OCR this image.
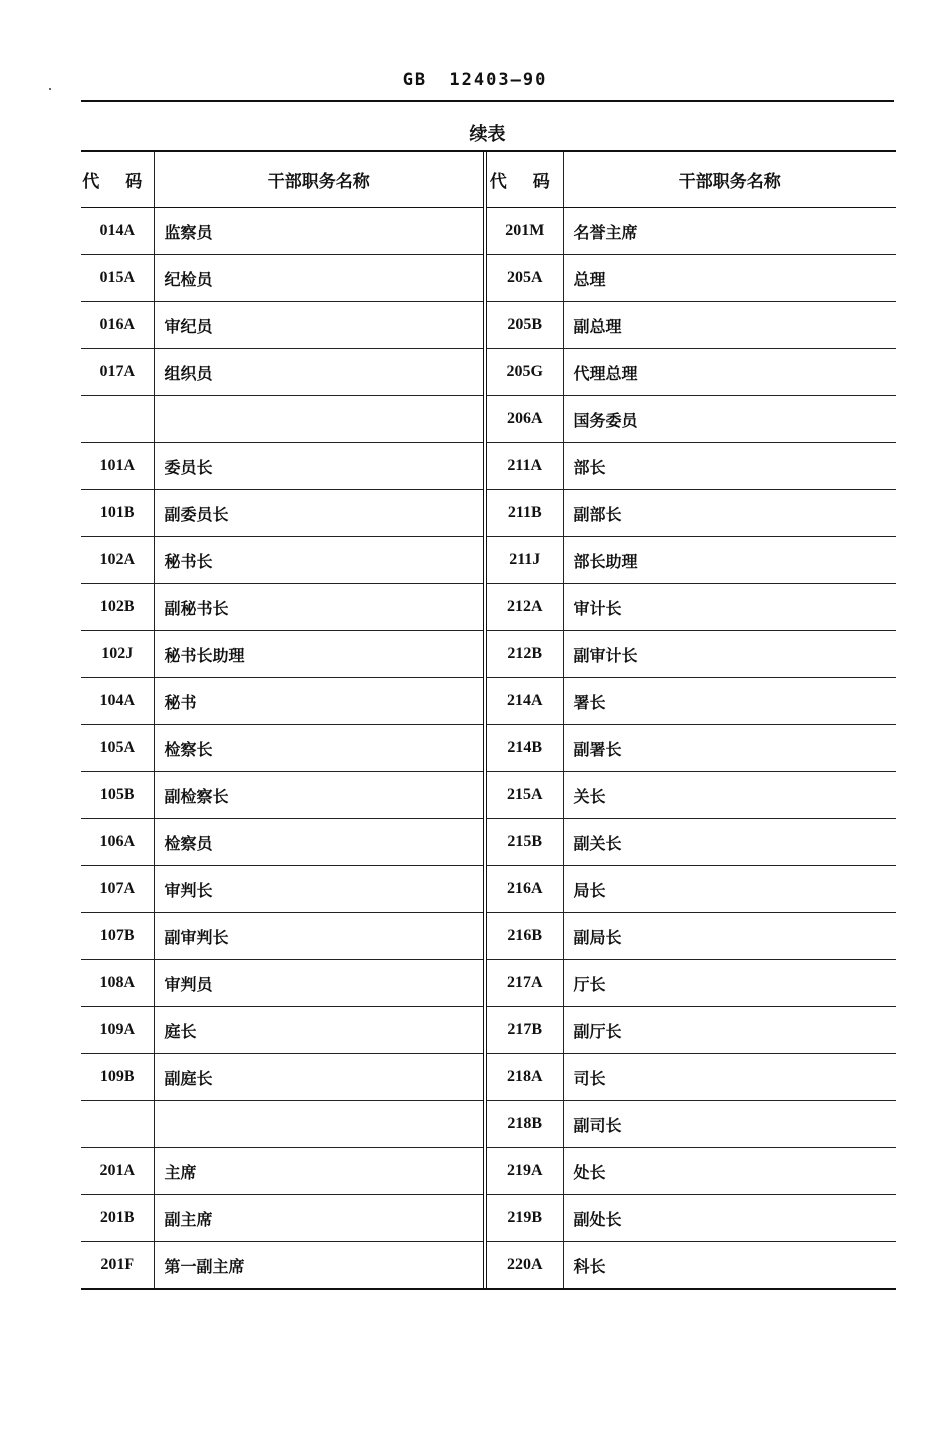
GB 12403—90
续表
代 码	干部职务名称	代 码	干部职务名称
014A	监察员	201M	名誉主席
015A	纪检员	205A	总理
016A	审纪员	205B	副总理
017A	组织员	205G	代理总理
		206A	国务委员
101A	委员长	211A	部长
101B	副委员长	211B	副部长
102A	秘书长	211J	部长助理
102B	副秘书长	212A	审计长
102J	秘书长助理	212B	副审计长
104A	秘书	214A	署长
105A	检察长	214B	副署长
105B	副检察长	215A	关长
106A	检察员	215B	副关长
107A	审判长	216A	局长
107B	副审判长	216B	副局长
108A	审判员	217A	厅长
109A	庭长	217B	副厅长
109B	副庭长	218A	司长
		218B	副司长
201A	主席	219A	处长
201B	副主席	219B	副处长
201F	第一副主席	220A	科长
